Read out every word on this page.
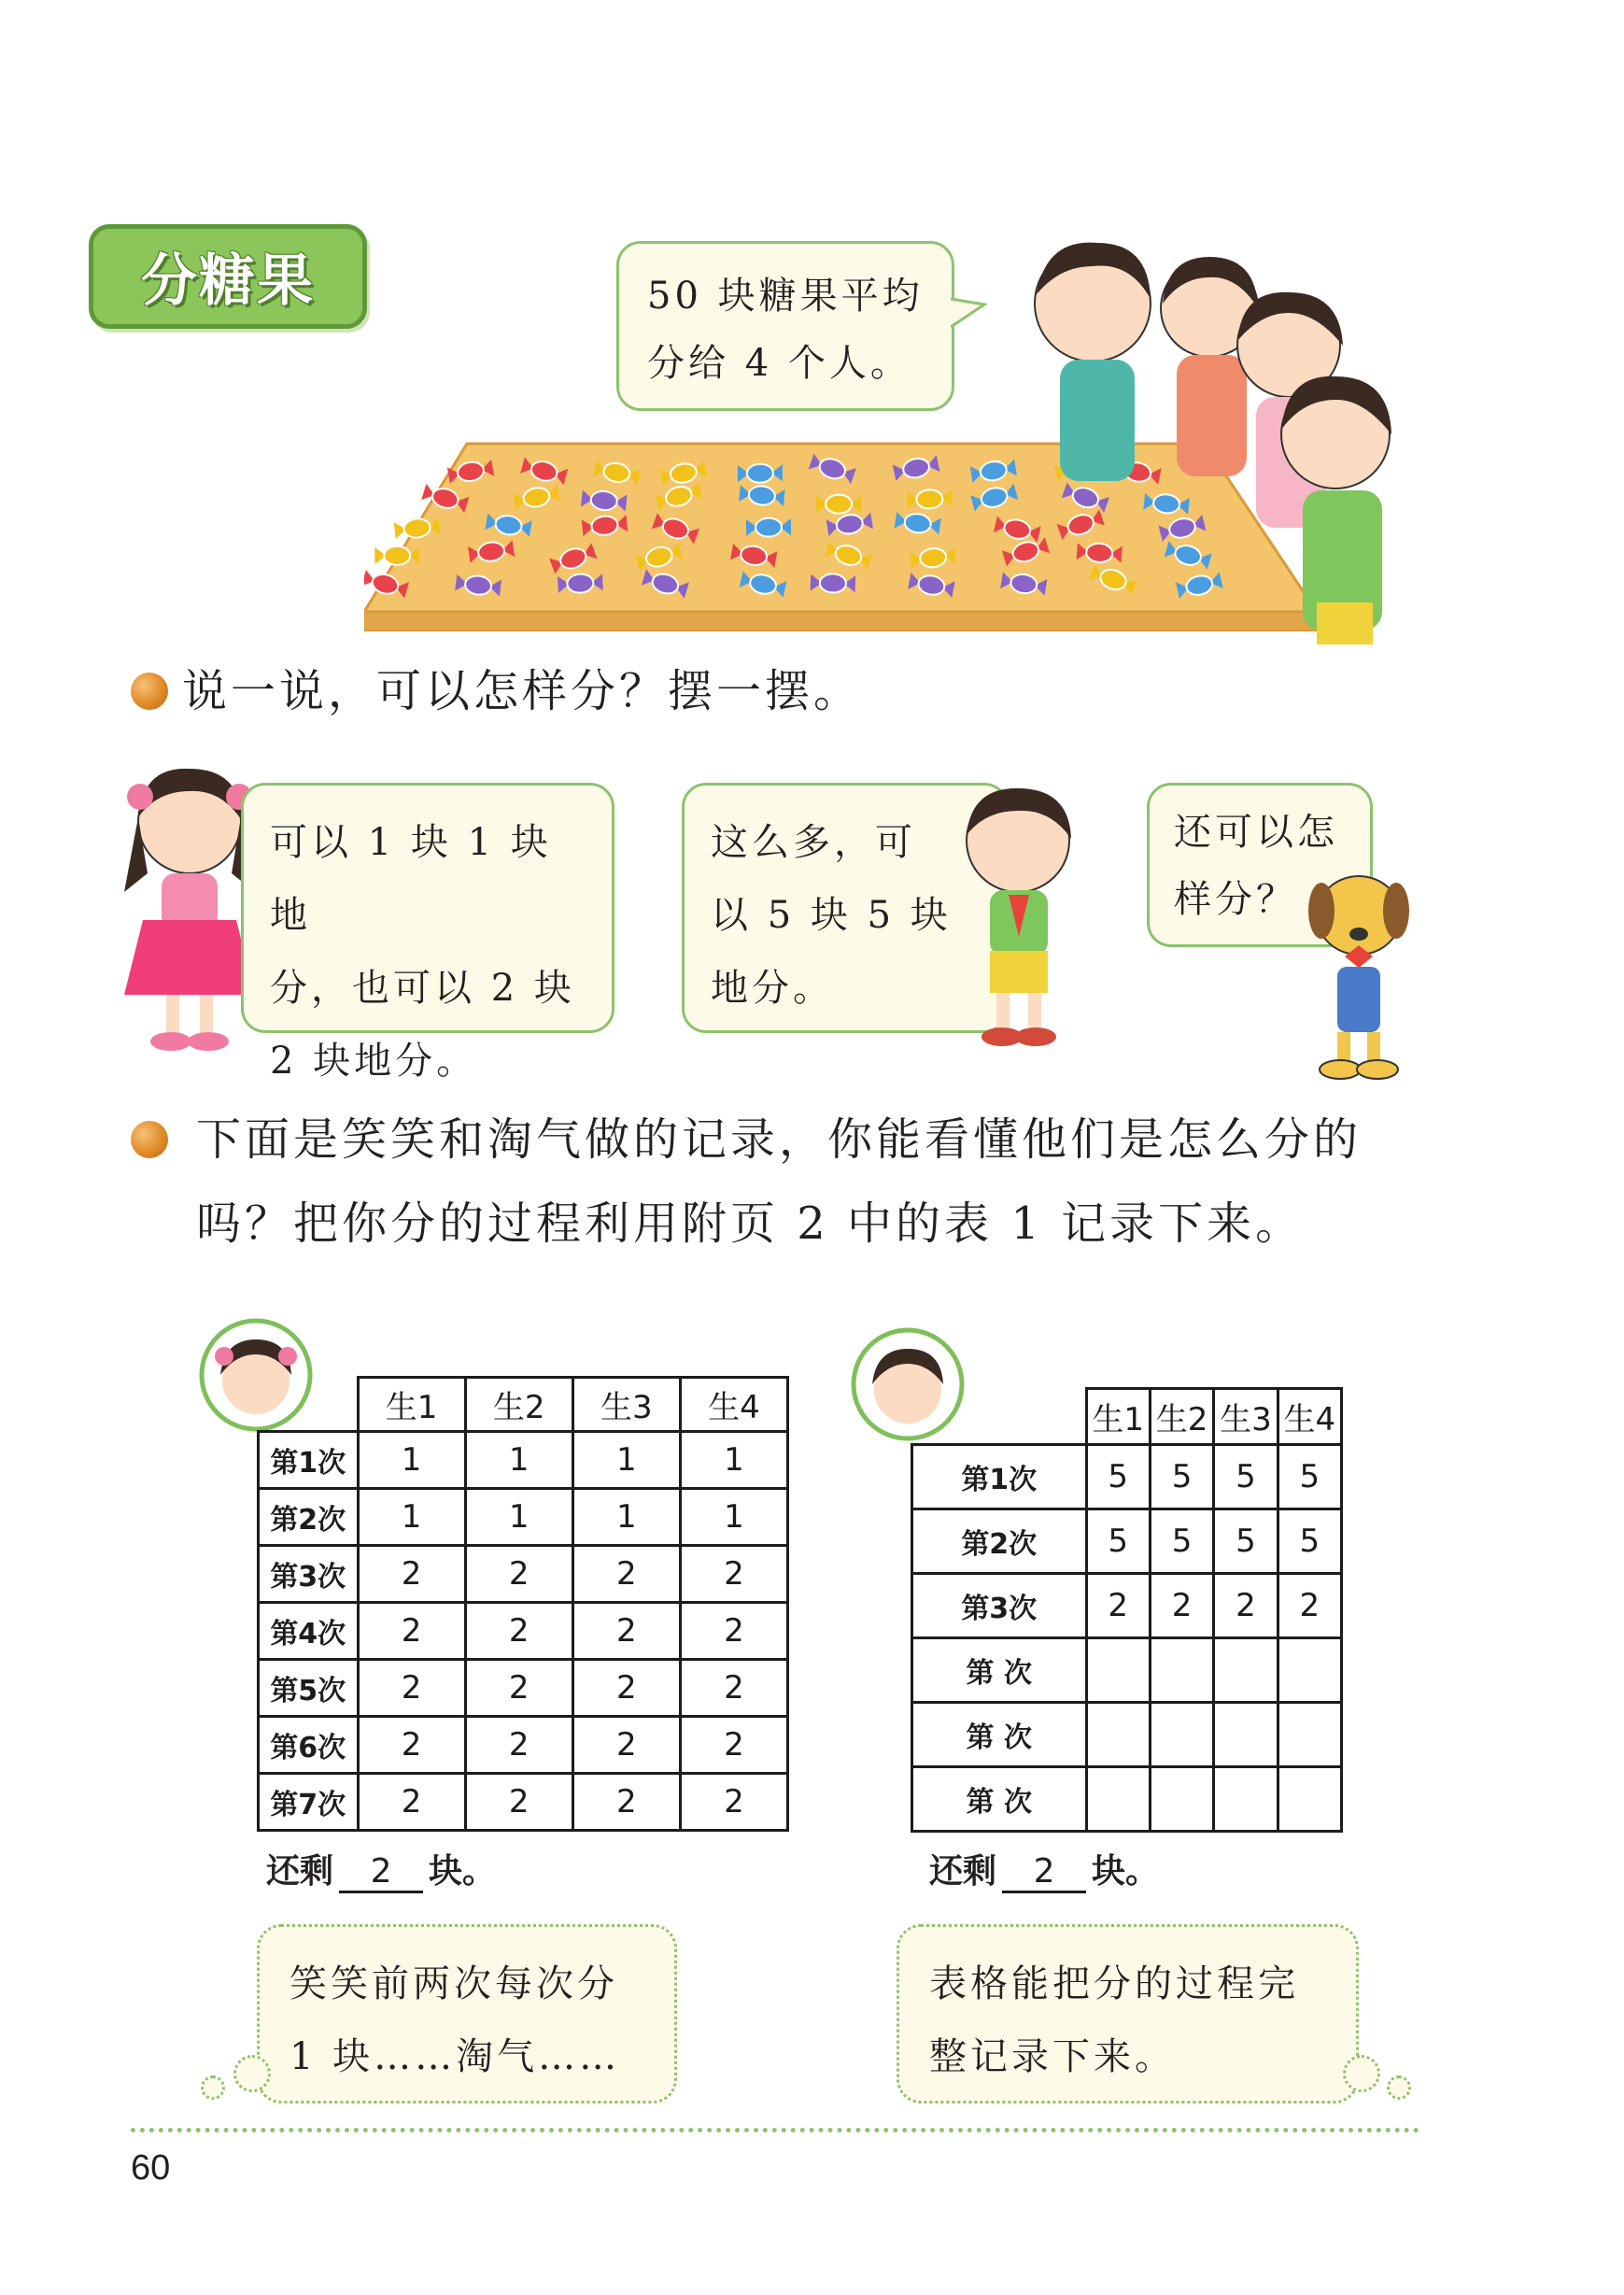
分糖果	50 块糖果平均
分给 4 个人。
说一说，可以怎样分？摆一摆。
可以 1 块 1 块地
分，也可以 2 块
2 块地分。
这么多，可
以 5 块 5 块
地分。
还可以怎
样分？
下面是笑笑和淘气做的记录，你能看懂他们是怎么分的
吗？把你分的过程利用附页 2 中的表 1 记录下来。
	生1	生2	生3	生4
第1次	1	1	1	1
第2次	1	1	1	1
第3次	2	2	2	2
第4次	2	2	2	2
第5次	2	2	2	2
第6次	2	2	2	2
第7次	2	2	2	2
还剩 2 块。
	生1	生2	生3	生4
第1次	5	5	5	5
第2次	5	5	5	5
第3次	2	2	2	2
第 次				
第 次				
第 次				
还剩 2 块。
笑笑前两次每次分
1 块……淘气……
表格能把分的过程完
整记录下来。
60
